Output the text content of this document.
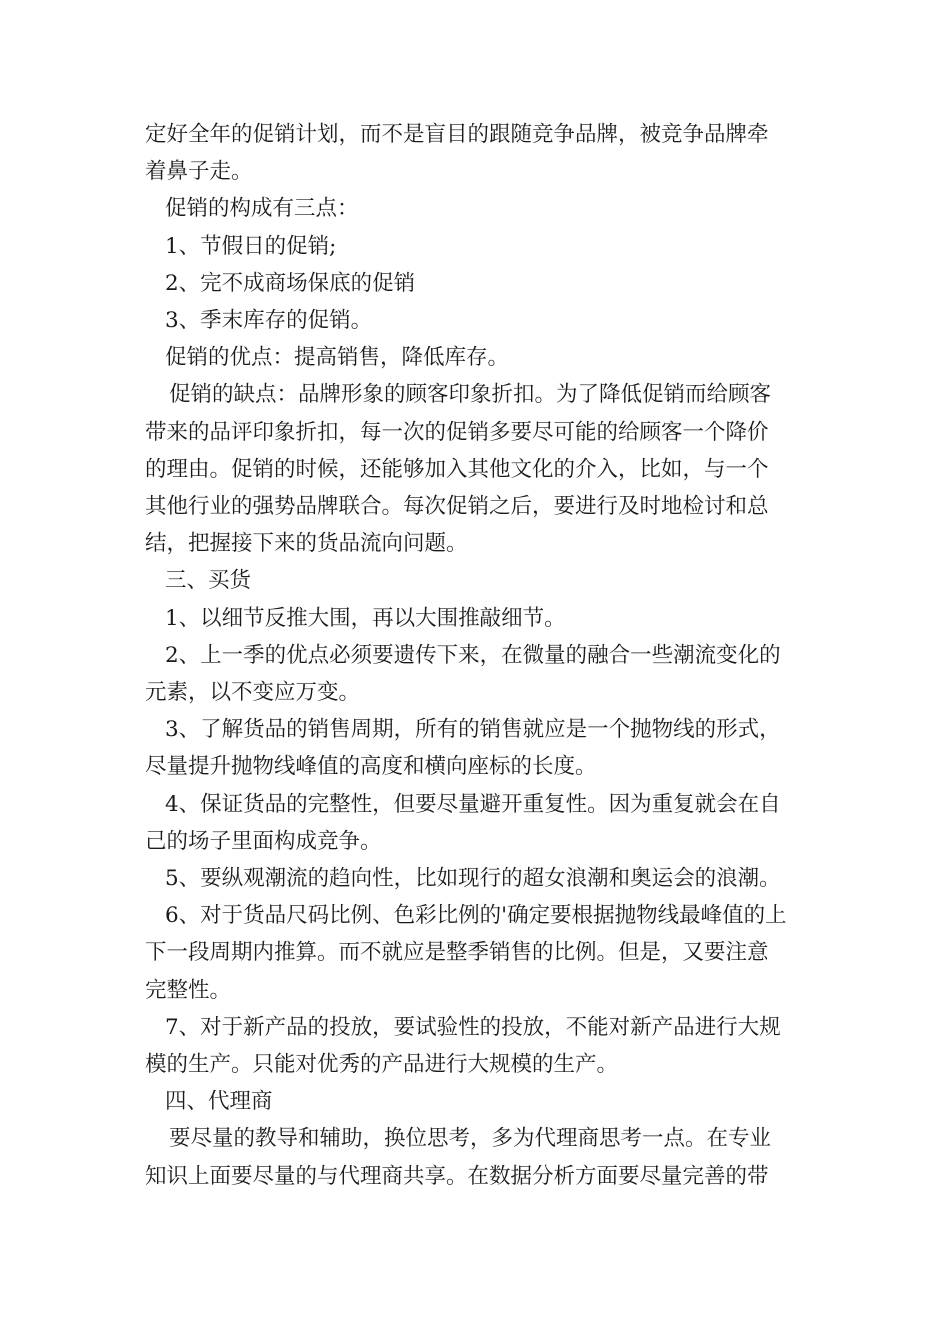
定好全年的促销计划，而不是盲目的跟随竞争品牌，被竞争品牌牵

着鼻子走。

促销的构成有三点：

1、节假日的促销;

2、完不成商场保底的促销

3、季末库存的促销。

促销的优点：提高销售，降低库存。

促销的缺点：品牌形象的顾客印象折扣。为了降低促销而给顾客

带来的品评印象折扣，每一次的促销多要尽可能的给顾客一个降价

的理由。促销的时候，还能够加入其他文化的介入，比如，与一个

其他行业的强势品牌联合。每次促销之后，要进行及时地检讨和总

结，把握接下来的货品流向问题。

三、买货

1、以细节反推大围，再以大围推敲细节。

2、上一季的优点必须要遗传下来，在微量的融合一些潮流变化的

元素，以不变应万变。

3、了解货品的销售周期，所有的销售就应是一个抛物线的形式，

尽量提升抛物线峰值的高度和横向座标的长度。

4、保证货品的完整性，但要尽量避开重复性。因为重复就会在自

己的场子里面构成竞争。

5、要纵观潮流的趋向性，比如现行的超女浪潮和奥运会的浪潮。

6、对于货品尺码比例、色彩比例的'确定要根据抛物线最峰值的上

下一段周期内推算。而不就应是整季销售的比例。但是，又要注意

完整性。

7、对于新产品的投放，要试验性的投放，不能对新产品进行大规

模的生产。只能对优秀的产品进行大规模的生产。

四、代理商

要尽量的教导和辅助，换位思考，多为代理商思考一点。在专业

知识上面要尽量的与代理商共享。在数据分析方面要尽量完善的带
